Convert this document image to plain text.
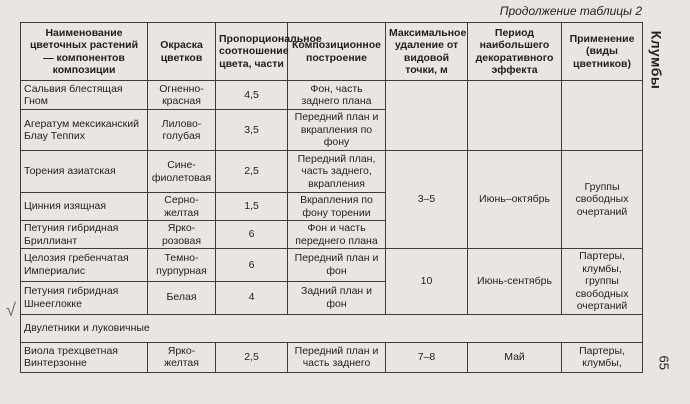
Продолжение таблицы 2
Клумбы
65
√
Наименование цветочных растений — компонентов композиции	Окраска цветков	Пропорциональное соотношение цвета, части	Композиционное построение	Максимальное удаление от видовой точки, м	Период наибольшего декоративного эффекта	Применение (виды цветников)
Сальвия блестящая Гном	Огненно-красная	4,5	Фон, часть заднего плана			
Агератум мексиканский Блау Теппих	Лилово-голубая	3,5	Передний план и вкрапления по фону			
Торения азиатская	Сине-фиолетовая	2,5	Передний план, часть заднего, вкрапления	3–5	Июнь–октябрь	Группы свободных очертаний
Цинния изящная	Серно-желтая	1,5	Вкрапления по фону торении			
Петуния гибридная Бриллиант	Ярко-розовая	6	Фон и часть переднего плана			
Целозия гребенчатая Империалис	Темно-пурпурная	6	Передний план и фон	10	Июнь-сентябрь	Партеры, клумбы, группы свободных очертаний
Петуния гибридная Шнееглокке	Белая	4	Задний план и фон			
Двулетники и луковичные						
Виола трехцветная Винтерзонне	Ярко-желтая	2,5	Передний план и часть заднего	7–8	Май	Партеры, клумбы,
